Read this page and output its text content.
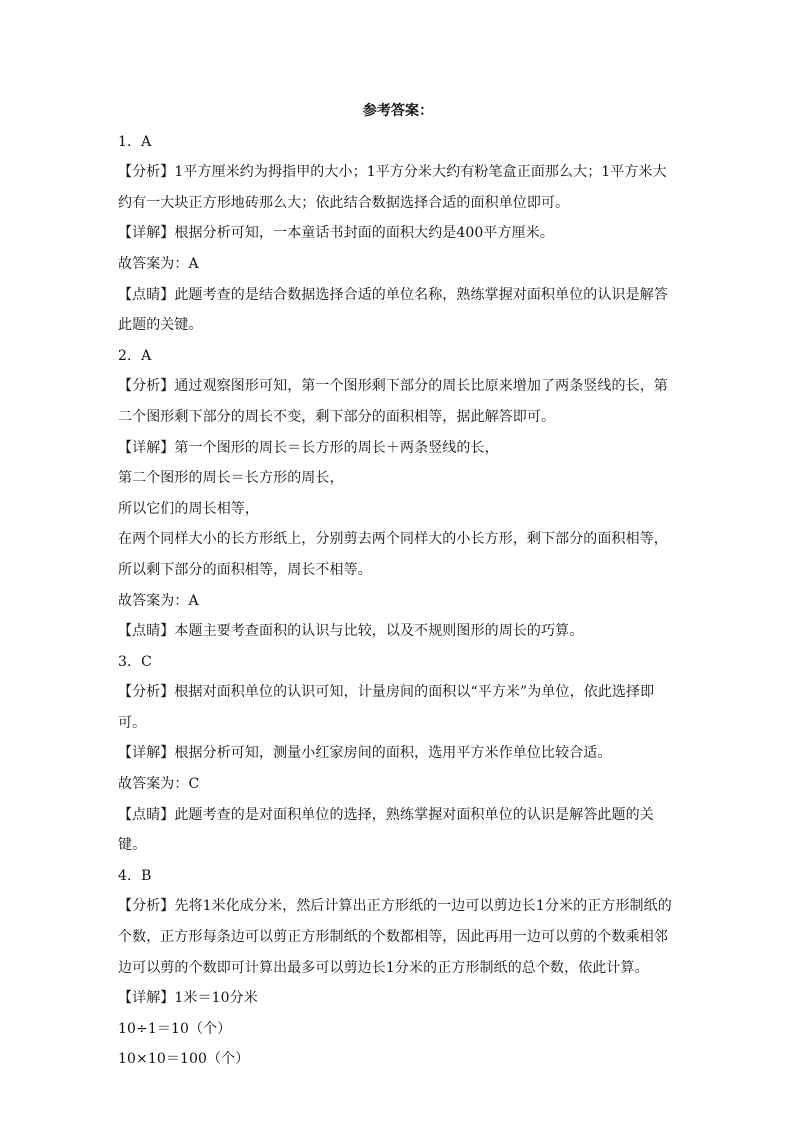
参考答案：

1．A

【分析】1平方厘米约为拇指甲的大小；1平方分米大约有粉笔盒正面那么大；1平方米大约有一大块正方形地砖那么大；依此结合数据选择合适的面积单位即可。

【详解】根据分析可知，一本童话书封面的面积大约是400平方厘米。

故答案为：A

【点睛】此题考查的是结合数据选择合适的单位名称，熟练掌握对面积单位的认识是解答此题的关键。

2．A

【分析】通过观察图形可知，第一个图形剩下部分的周长比原来增加了两条竖线的长，第二个图形剩下部分的周长不变，剩下部分的面积相等，据此解答即可。

【详解】第一个图形的周长＝长方形的周长＋两条竖线的长，

第二个图形的周长＝长方形的周长，

所以它们的周长相等，

在两个同样大小的长方形纸上，分别剪去两个同样大的小长方形，剩下部分的面积相等，

所以剩下部分的面积相等，周长不相等。

故答案为：A

【点睛】本题主要考查面积的认识与比较，以及不规则图形的周长的巧算。

3．C

【分析】根据对面积单位的认识可知，计量房间的面积以“平方米”为单位，依此选择即可。

【详解】根据分析可知，测量小红家房间的面积，选用平方米作单位比较合适。

故答案为：C

【点睛】此题考查的是对面积单位的选择，熟练掌握对面积单位的认识是解答此题的关键。

4．B

【分析】先将1米化成分米，然后计算出正方形纸的一边可以剪边长1分米的正方形制纸的个数，正方形每条边可以剪正方形制纸的个数都相等，因此再用一边可以剪的个数乘相邻边可以剪的个数即可计算出最多可以剪边长1分米的正方形制纸的总个数，依此计算。

【详解】1米＝10分米

10÷1＝10（个）

10×10＝100（个）
